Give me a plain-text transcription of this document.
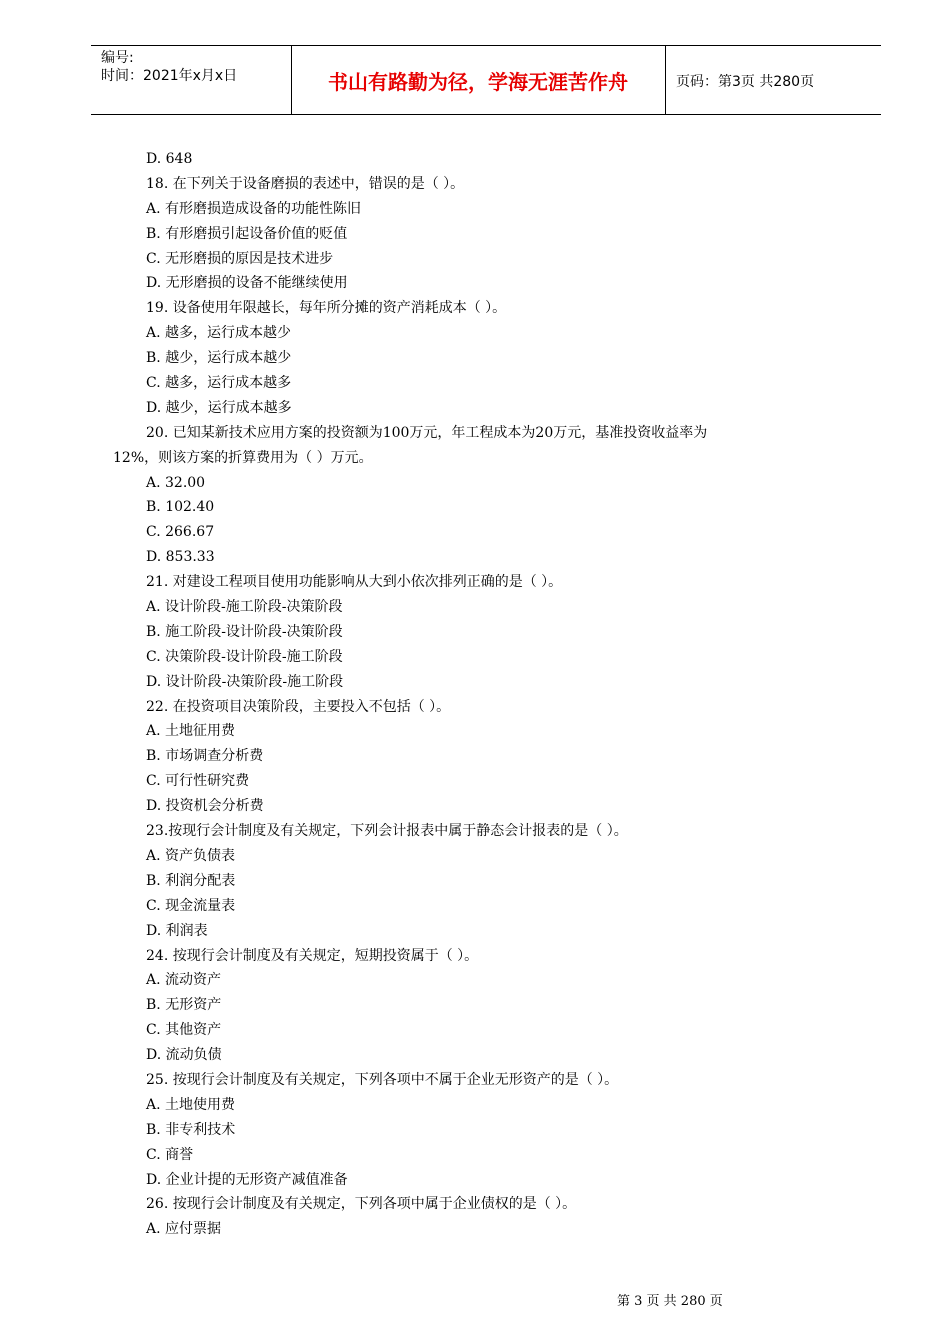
编号:
时间：2021年x月x日	书山有路勤为径，学海无涯苦作舟	页码：第3页 共280页
D. 648
18. 在下列关于设备磨损的表述中，错误的是（ ）。
A. 有形磨损造成设备的功能性陈旧
B. 有形磨损引起设备价值的贬值
C. 无形磨损的原因是技术进步
D. 无形磨损的设备不能继续使用
19. 设备使用年限越长，每年所分摊的资产消耗成本（ ）。
A. 越多，运行成本越少
B. 越少，运行成本越少
C. 越多，运行成本越多
D. 越少，运行成本越多
20. 已知某新技术应用方案的投资额为100万元，年工程成本为20万元，基准投资收益率为
12%，则该方案的折算费用为（ ）万元。
A. 32.00
B. 102.40
C. 266.67
D. 853.33
21. 对建设工程项目使用功能影响从大到小依次排列正确的是（ ）。
A. 设计阶段-施工阶段-决策阶段
B. 施工阶段-设计阶段-决策阶段
C. 决策阶段-设计阶段-施工阶段
D. 设计阶段-决策阶段-施工阶段
22. 在投资项目决策阶段，主要投入不包括（ ）。
A. 土地征用费
B. 市场调查分析费
C. 可行性研究费
D. 投资机会分析费
23.按现行会计制度及有关规定，下列会计报表中属于静态会计报表的是（ ）。
A. 资产负债表
B. 利润分配表
C. 现金流量表
D. 利润表
24. 按现行会计制度及有关规定，短期投资属于（ ）。
A. 流动资产
B. 无形资产
C. 其他资产
D. 流动负债
25. 按现行会计制度及有关规定，下列各项中不属于企业无形资产的是（ ）。
A. 土地使用费
B. 非专利技术
C. 商誉
D. 企业计提的无形资产减值准备
26. 按现行会计制度及有关规定，下列各项中属于企业债权的是（ ）。
A. 应付票据
第 3 页 共 280 页
